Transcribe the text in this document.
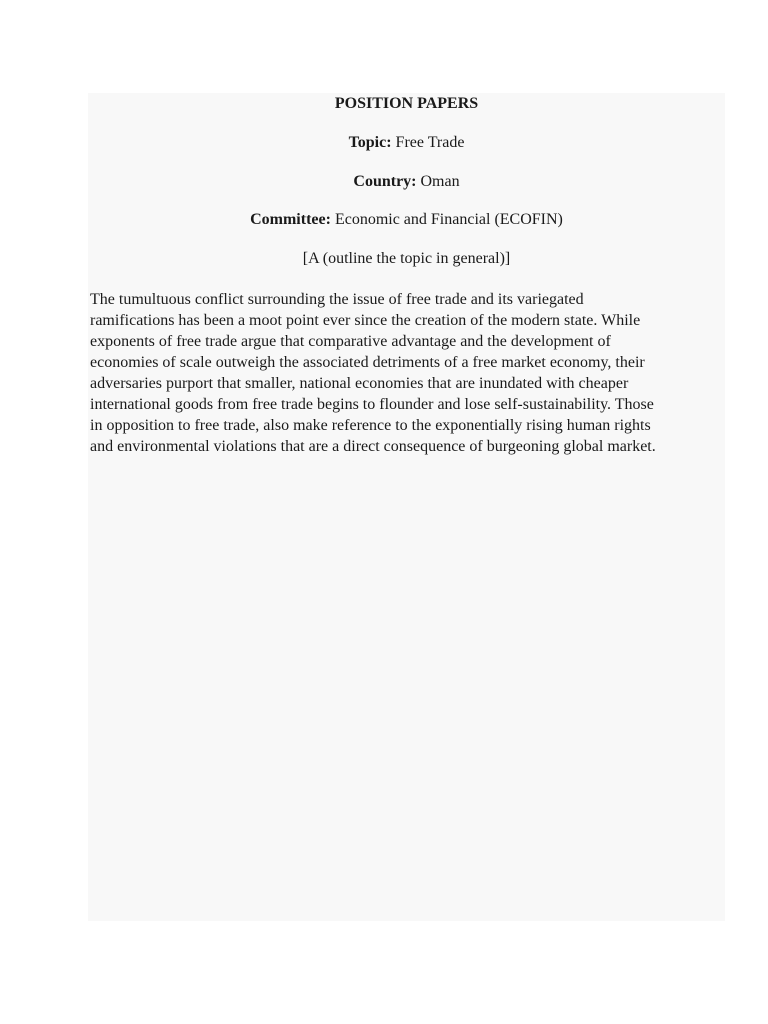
POSITION PAPERS

Topic: Free Trade

Country: Oman

Committee: Economic and Financial (ECOFIN)

[A (outline the topic in general)]

The tumultuous conflict surrounding the issue of free trade and its variegated
ramifications has been a moot point ever since the creation of the modern state. While
exponents of free trade argue that comparative advantage and the development of
economies of scale outweigh the associated detriments of a free market economy, their
adversaries purport that smaller, national economies that are inundated with cheaper
international goods from free trade begins to flounder and lose self-sustainability. Those
in opposition to free trade, also make reference to the exponentially rising human rights
and environmental violations that are a direct consequence of burgeoning global market.
